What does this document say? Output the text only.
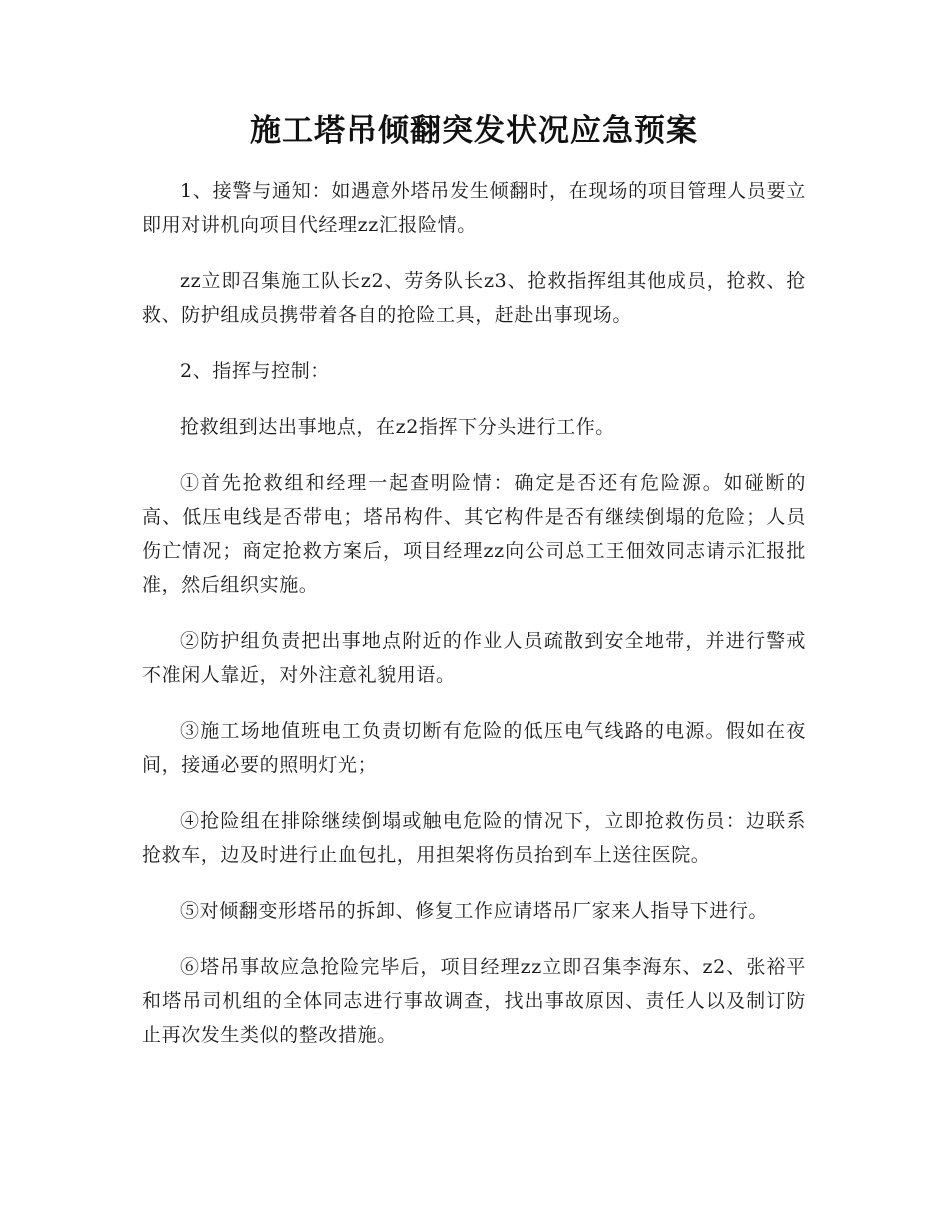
施工塔吊倾翻突发状况应急预案

1、接警与通知：如遇意外塔吊发生倾翻时，在现场的项目管理人员要立即用对讲机向项目代经理zz汇报险情。

zz立即召集施工队长z2、劳务队长z3、抢救指挥组其他成员，抢救、抢救、防护组成员携带着各自的抢险工具，赶赴出事现场。

2、指挥与控制：

抢救组到达出事地点，在z2指挥下分头进行工作。

①首先抢救组和经理一起查明险情：确定是否还有危险源。如碰断的高、低压电线是否带电；塔吊构件、其它构件是否有继续倒塌的危险；人员伤亡情况；商定抢救方案后，项目经理zz向公司总工王佃效同志请示汇报批准，然后组织实施。

②防护组负责把出事地点附近的作业人员疏散到安全地带，并进行警戒不准闲人靠近，对外注意礼貌用语。

③施工场地值班电工负责切断有危险的低压电气线路的电源。假如在夜间，接通必要的照明灯光；

④抢险组在排除继续倒塌或触电危险的情况下，立即抢救伤员：边联系抢救车，边及时进行止血包扎，用担架将伤员抬到车上送往医院。

⑤对倾翻变形塔吊的拆卸、修复工作应请塔吊厂家来人指导下进行。

⑥塔吊事故应急抢险完毕后，项目经理zz立即召集李海东、z2、张裕平和塔吊司机组的全体同志进行事故调查，找出事故原因、责任人以及制订防止再次发生类似的整改措施。
